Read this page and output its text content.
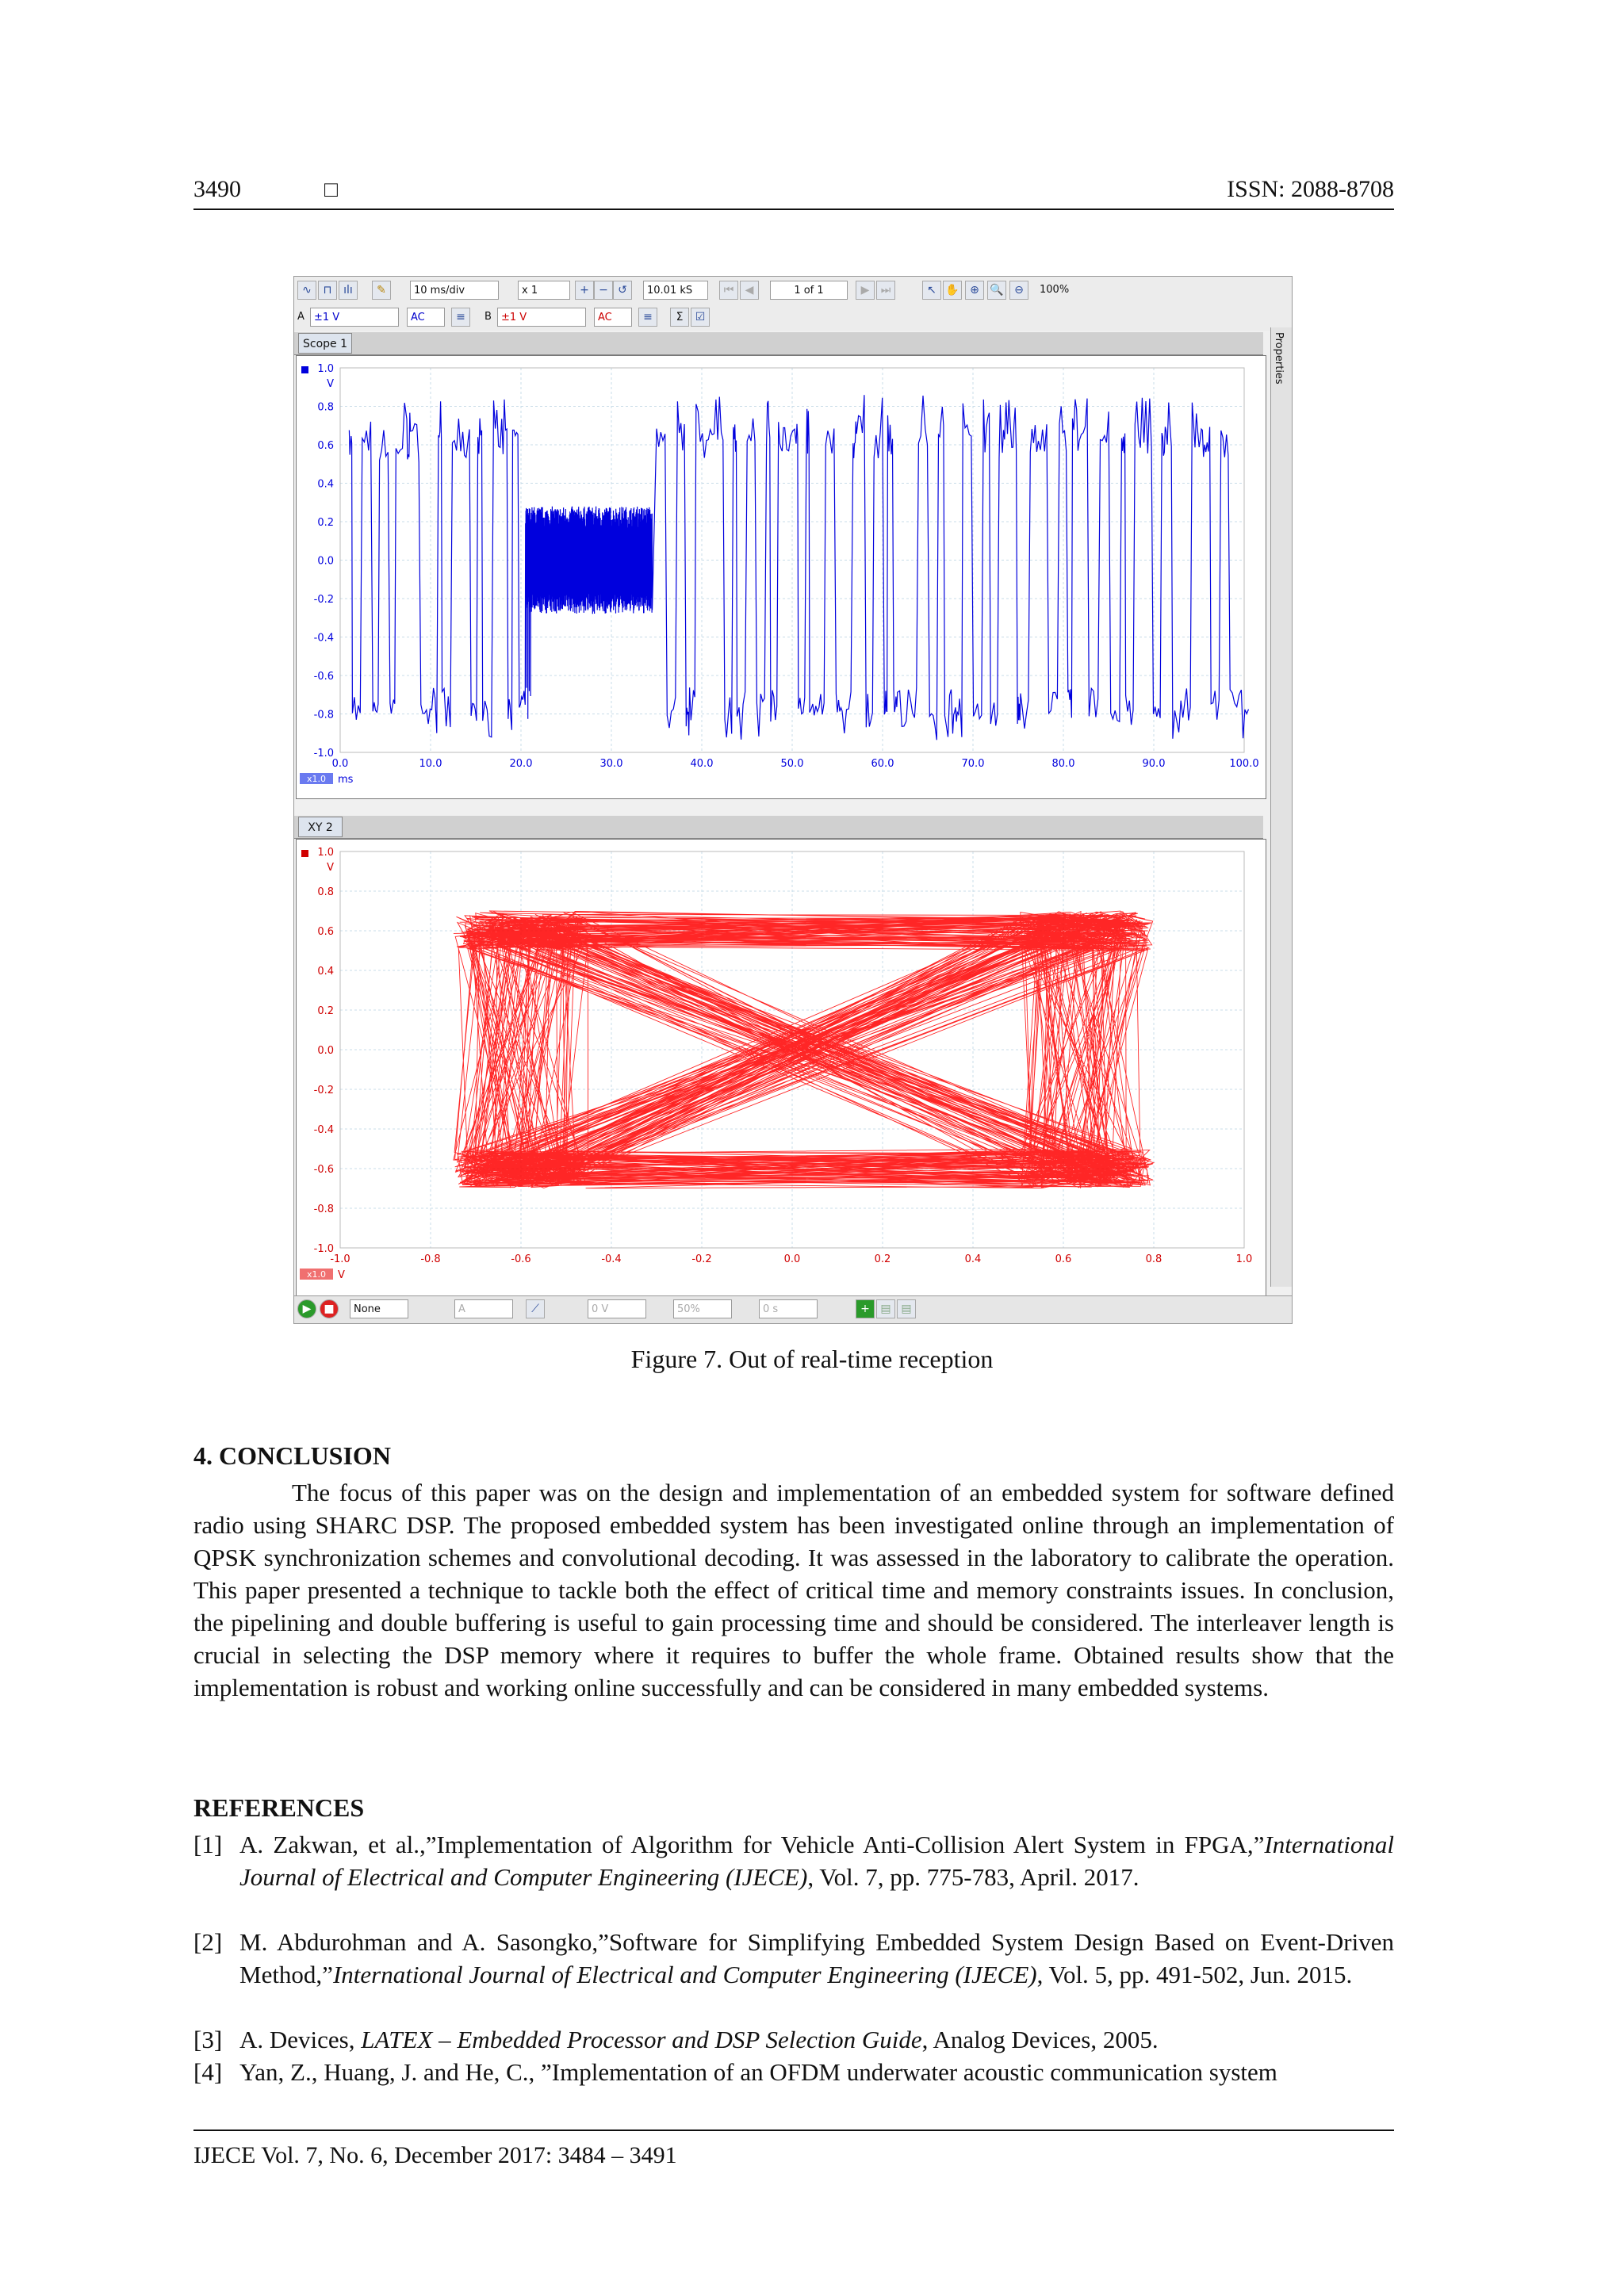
3490	□	ISSN: 2088-8708
∿	⊓	ılı	✎	10 ms/div	x 1	+ − ↺	10.01 kS	⏮	◀	1 of 1	▶	⏭	↖ ✋ ⊕ 🔍 ⊖	100%
A ±1 V	AC	≡	B ±1 V	AC	≡	Σ	☑
Scope 1
0.0	10.0	20.0	30.0	40.0	50.0	60.0	70.0	80.0	90.0	100.0
1.0
0.8
0.6
0.4
0.2
0.0
-0.2
-0.4
-0.6
-0.8
-1.0
V
x1.0 ms
XY 2
-1.0	-0.8	-0.6	-0.4	-0.2	0.0	0.2	0.4	0.6	0.8	1.0
1.0
0.8
0.6
0.4
0.2
0.0
-0.2
-0.4
-0.6
-0.8
-1.0
V
x1.0 V
Properties
▶	■	None	A	⟋	0 V	50%	0 s	+ ▤ ▤
Figure 7. Out of real-time reception
4. CONCLUSION
The focus of this paper was on the design and implementation of an embedded system for software defined radio using SHARC DSP. The proposed embedded system has been investigated online through an implementation of QPSK synchronization schemes and convolutional decoding. It was assessed in the laboratory to calibrate the operation. This paper presented a technique to tackle both the effect of critical time and memory constraints issues. In conclusion, the pipelining and double buffering is useful to gain processing time and should be considered. The interleaver length is crucial in selecting the DSP memory where it requires to buffer the whole frame. Obtained results show that the implementation is robust and working online successfully and can be considered in many embedded systems.
REFERENCES
[1] A. Zakwan, et al.,”Implementation of Algorithm for Vehicle Anti-Collision Alert System in FPGA,”International Journal of Electrical and Computer Engineering (IJECE), Vol. 7, pp. 775-783, April. 2017.
[2] M. Abdurohman and A. Sasongko,”Software for Simplifying Embedded System Design Based on Event-Driven Method,”International Journal of Electrical and Computer Engineering (IJECE), Vol. 5, pp. 491-502, Jun. 2015.
[3] A. Devices, LATEX – Embedded Processor and DSP Selection Guide, Analog Devices, 2005.
[4] Yan, Z., Huang, J. and He, C., ”Implementation of an OFDM underwater acoustic communication system
IJECE Vol. 7, No. 6, December 2017: 3484 – 3491
